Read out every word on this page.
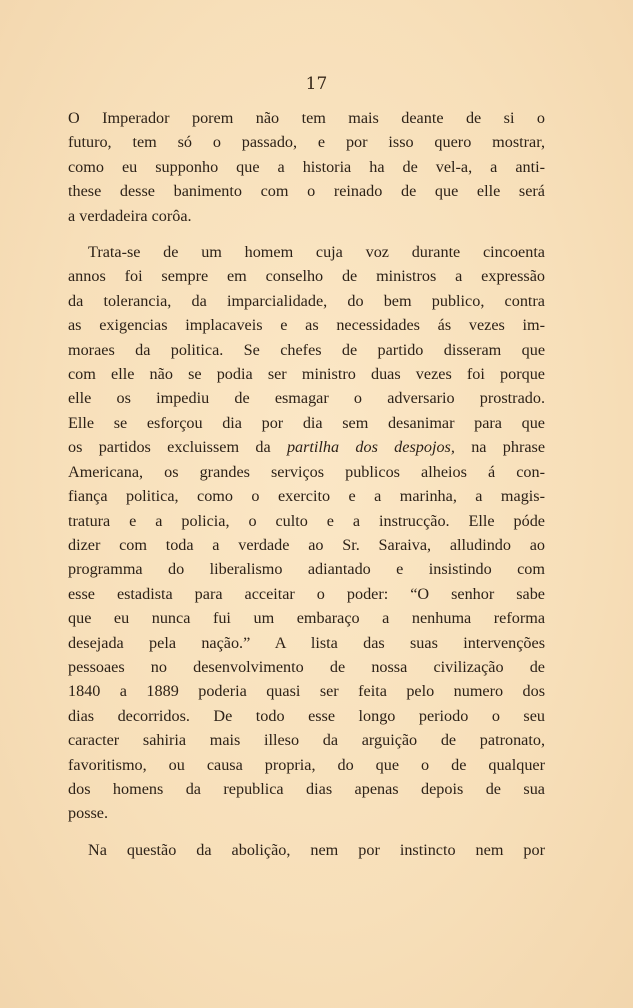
17

O Imperador porem não tem mais deante de si o
futuro, tem só o passado, e por isso quero mostrar,
como eu supponho que a historia ha de vel-a, a anti-
these desse banimento com o reinado de que elle será
a verdadeira corôa.

Trata-se de um homem cuja voz durante cincoenta
annos foi sempre em conselho de ministros a expressão
da tolerancia, da imparcialidade, do bem publico, contra
as exigencias implacaveis e as necessidades ás vezes im-
moraes da politica. Se chefes de partido disseram que
com elle não se podia ser ministro duas vezes foi porque
elle os impediu de esmagar o adversario prostrado.
Elle se esforçou dia por dia sem desanimar para que
os partidos excluissem da partilha dos despojos, na phrase
Americana, os grandes serviços publicos alheios á con-
fiança politica, como o exercito e a marinha, a magis-
tratura e a policia, o culto e a instrucção. Elle póde
dizer com toda a verdade ao Sr. Saraiva, alludindo ao
programma do liberalismo adiantado e insistindo com
esse estadista para acceitar o poder: “O senhor sabe
que eu nunca fui um embaraço a nenhuma reforma
desejada pela nação.” A lista das suas intervenções
pessoaes no desenvolvimento de nossa civilização de
1840 a 1889 poderia quasi ser feita pelo numero dos
dias decorridos. De todo esse longo periodo o seu
caracter sahiria mais illeso da arguição de patronato,
favoritismo, ou causa propria, do que o de qualquer
dos homens da republica dias apenas depois de sua
posse.

Na questão da abolição, nem por instincto nem por
